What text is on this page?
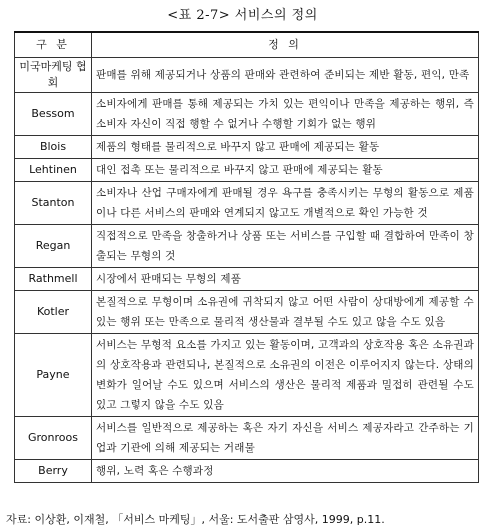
<표 2-7> 서비스의 정의
구 분	정 의
미국마케팅 협회	판매를 위해 제공되거나 상품의 판매와 관련하여 준비되는 제반 활동, 편익, 만족
Bessom	소비자에게 판매를 통해 제공되는 가치 있는 편익이나 만족을 제공하는 행위, 즉 소비자 자신이 직접 행할 수 없거나 수행할 기회가 없는 행위
Blois	제품의 형태를 물리적으로 바꾸지 않고 판매에 제공되는 활동
Lehtinen	대인 접촉 또는 물리적으로 바꾸지 않고 판매에 제공되는 활동
Stanton	소비자나 산업 구매자에게 판매될 경우 욕구를 충족시키는 무형의 활동으로 제품이나 다른 서비스의 판매와 연계되지 않고도 개별적으로 확인 가능한 것
Regan	직접적으로 만족을 창출하거나 상품 또는 서비스를 구입할 때 결합하여 만족이 창출되는 무형의 것
Rathmell	시장에서 판매되는 무형의 제품
Kotler	본질적으로 무형이며 소유권에 귀착되지 않고 어떤 사람이 상대방에게 제공할 수 있는 행위 또는 만족으로 물리적 생산물과 결부될 수도 있고 않을 수도 있음
Payne	서비스는 무형적 요소를 가지고 있는 활동이며, 고객과의 상호작용 혹은 소유권과의 상호작용과 관련되나, 본질적으로 소유권의 이전은 이루어지지 않는다. 상태의 변화가 일어날 수도 있으며 서비스의 생산은 물리적 제품과 밀접히 관련될 수도 있고 그렇지 않을 수도 있음
Gronroos	서비스를 일반적으로 제공하는 혹은 자기 자신을 서비스 제공자라고 간주하는 기업과 기관에 의해 제공되는 거래물
Berry	행위, 노력 혹은 수행과정
자료: 이상환, 이재철, 「서비스 마케팅」, 서울: 도서출판 삼영사, 1999, p.11.
